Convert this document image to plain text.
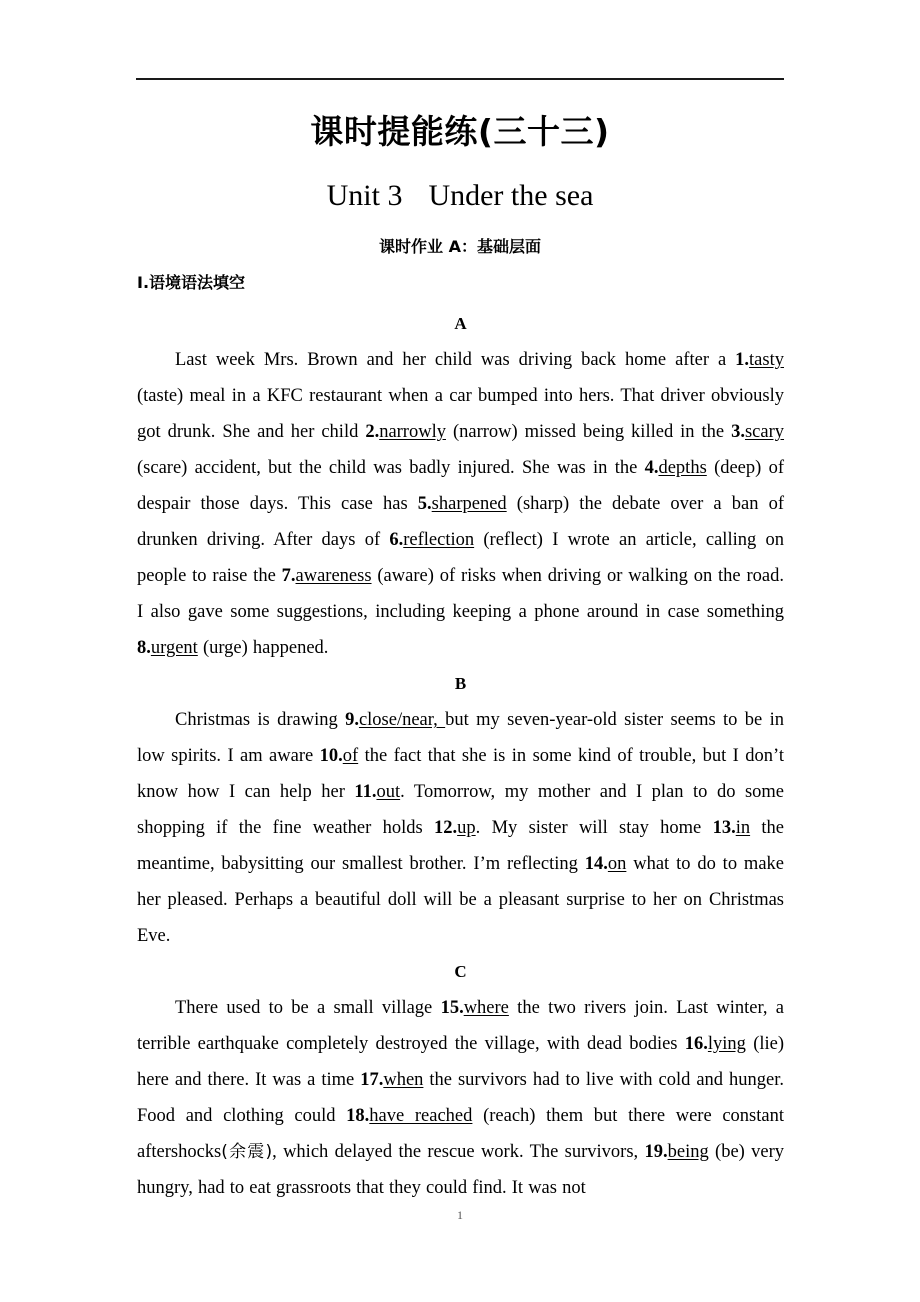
课时提能练(三十三)
Unit 3 Under the sea
课时作业 A：基础层面
Ⅰ.语境语法填空
A

Last week Mrs. Brown and her child was driving back home after a 1.tasty (taste) meal in a KFC restaurant when a car bumped into hers. That driver obviously got drunk. She and her child 2.narrowly (narrow) missed being killed in the 3.scary (scare) accident, but the child was badly injured. She was in the 4.depths (deep) of despair those days. This case has 5.sharpened (sharp) the debate over a ban of drunken driving. After days of 6.reflection (reflect) I wrote an article, calling on people to raise the 7.awareness (aware) of risks when driving or walking on the road. I also gave some suggestions, including keeping a phone around in case something 8.urgent (urge) happened.

B

Christmas is drawing 9.close/near, but my seven-year-old sister seems to be in low spirits. I am aware 10.of the fact that she is in some kind of trouble, but I don’t know how I can help her 11.out. Tomorrow, my mother and I plan to do some shopping if the fine weather holds 12.up. My sister will stay home 13.in the meantime, babysitting our smallest brother. I’m reflecting 14.on what to do to make her pleased. Perhaps a beautiful doll will be a pleasant surprise to her on Christmas Eve.

C

There used to be a small village 15.where the two rivers join. Last winter, a terrible earthquake completely destroyed the village, with dead bodies 16.lying (lie) here and there. It was a time 17.when the survivors had to live with cold and hunger. Food and clothing could 18.have reached (reach) them but there were constant aftershocks(余震), which delayed the rescue work. The survivors, 19.being (be) very hungry, had to eat grassroots that they could find. It was not

1
